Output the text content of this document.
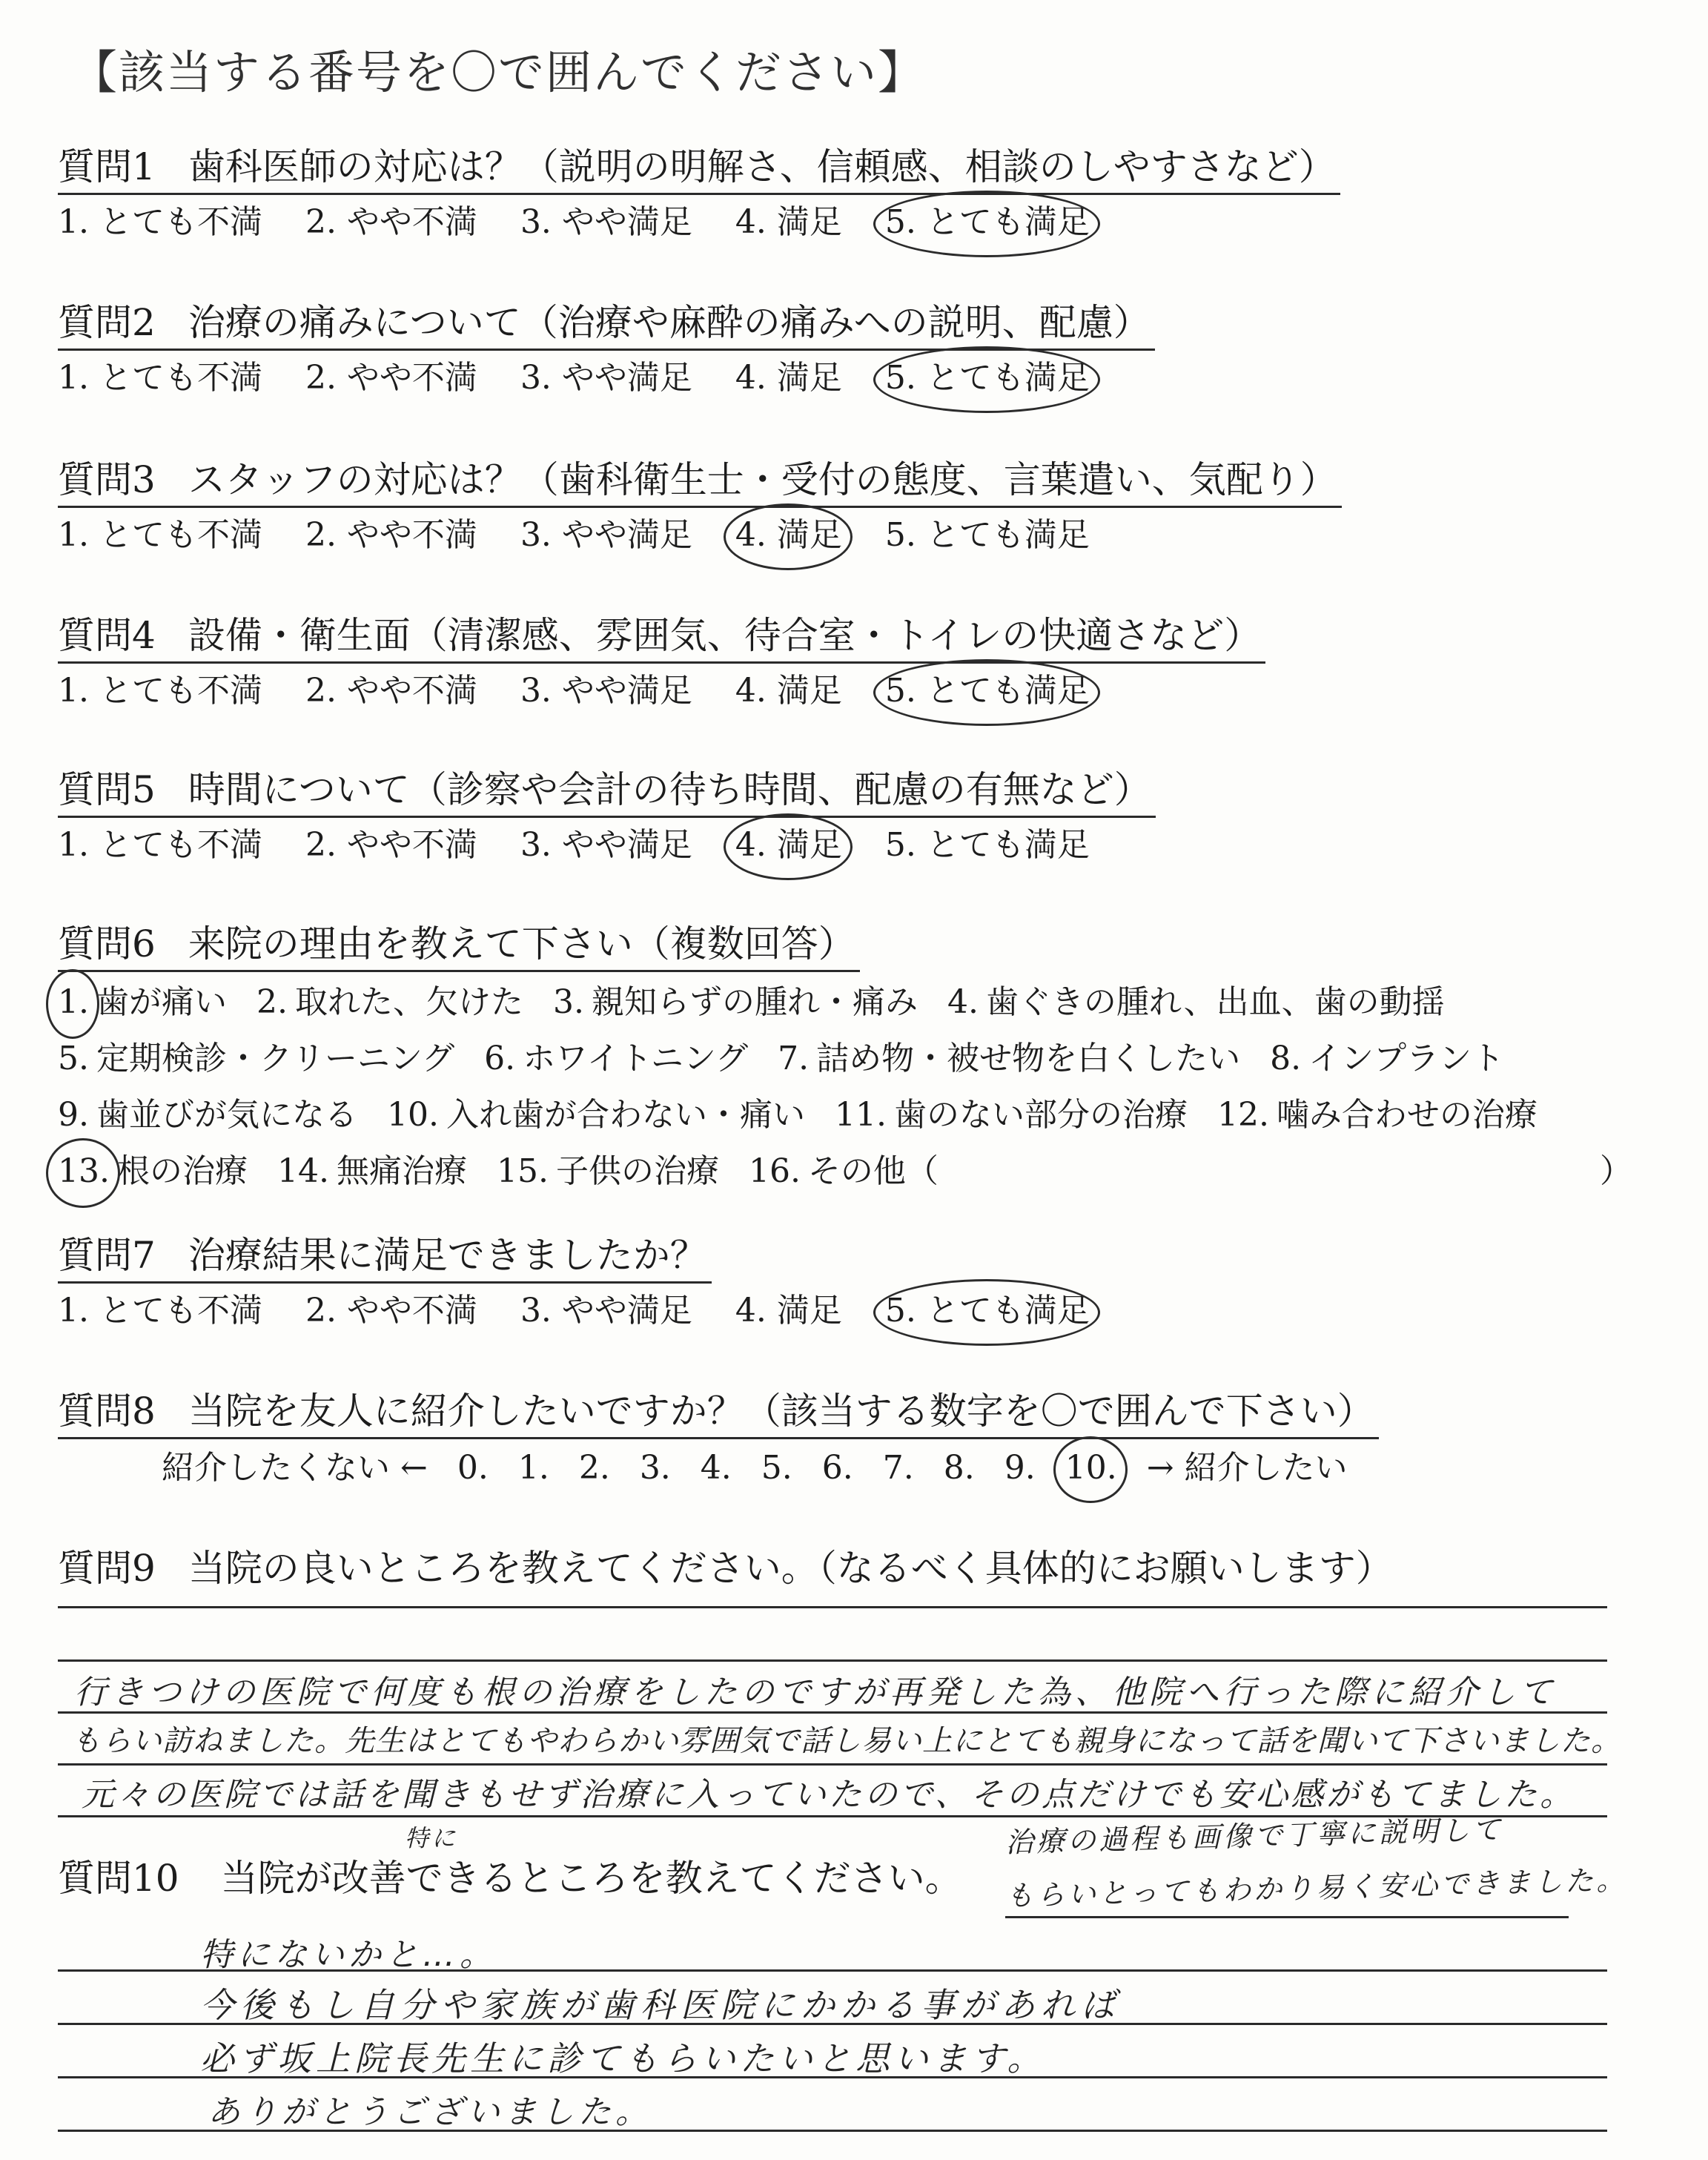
【該当する番号を〇で囲んでください】
質問1 歯科医師の対応は？（説明の明解さ、信頼感、相談のしやすさなど）
1. とても不満 2. やや不満 3. やや満足 4. 満足 5. とても満足
質問2 治療の痛みについて（治療や麻酔の痛みへの説明、配慮）
1. とても不満 2. やや不満 3. やや満足 4. 満足 5. とても満足
質問3 スタッフの対応は？（歯科衛生士・受付の態度、言葉遣い、気配り）
1. とても不満 2. やや不満 3. やや満足 4. 満足 5. とても満足
質問4 設備・衛生面（清潔感、雰囲気、待合室・トイレの快適さなど）
1. とても不満 2. やや不満 3. やや満足 4. 満足 5. とても満足
質問5 時間について（診察や会計の待ち時間、配慮の有無など）
1. とても不満 2. やや不満 3. やや満足 4. 満足 5. とても満足
質問6 来院の理由を教えて下さい（複数回答）
1. 歯が痛い 2. 取れた、欠けた 3. 親知らずの腫れ・痛み 4. 歯ぐきの腫れ、出血、歯の動揺
5. 定期検診・クリーニング 6. ホワイトニング 7. 詰め物・被せ物を白くしたい 8. インプラント
9. 歯並びが気になる 10. 入れ歯が合わない・痛い 11. 歯のない部分の治療 12. 噛み合わせの治療
13. 根の治療 14. 無痛治療 15. 子供の治療 16. その他（	）
質問7 治療結果に満足できましたか？
1. とても不満 2. やや不満 3. やや満足 4. 満足 5. とても満足
質問8 当院を友人に紹介したいですか？（該当する数字を〇で囲んで下さい）
紹介したくない ← 0. 1. 2. 3. 4. 5. 6. 7. 8. 9. 10. → 紹介したい
質問9 当院の良いところを教えてください。（なるべく具体的にお願いします）
行きつけの医院で何度も根の治療をしたのですが再発した為、他院へ行った際に紹介して
もらい訪ねました。先生はとてもやわらかい雰囲気で話し易い上にとても親身になって話を聞いて下さいました。
元々の医院では話を聞きもせず治療に入っていたので、その点だけでも安心感がもてました。
質問10 当院が改善できるところを教えてください。
特に	治療の過程も画像で丁寧に説明して
もらいとってもわかり易く安心できました。
特にないかと…。
今後もし自分や家族が歯科医院にかかる事があれば
必ず坂上院長先生に診てもらいたいと思います。
ありがとうございました。
